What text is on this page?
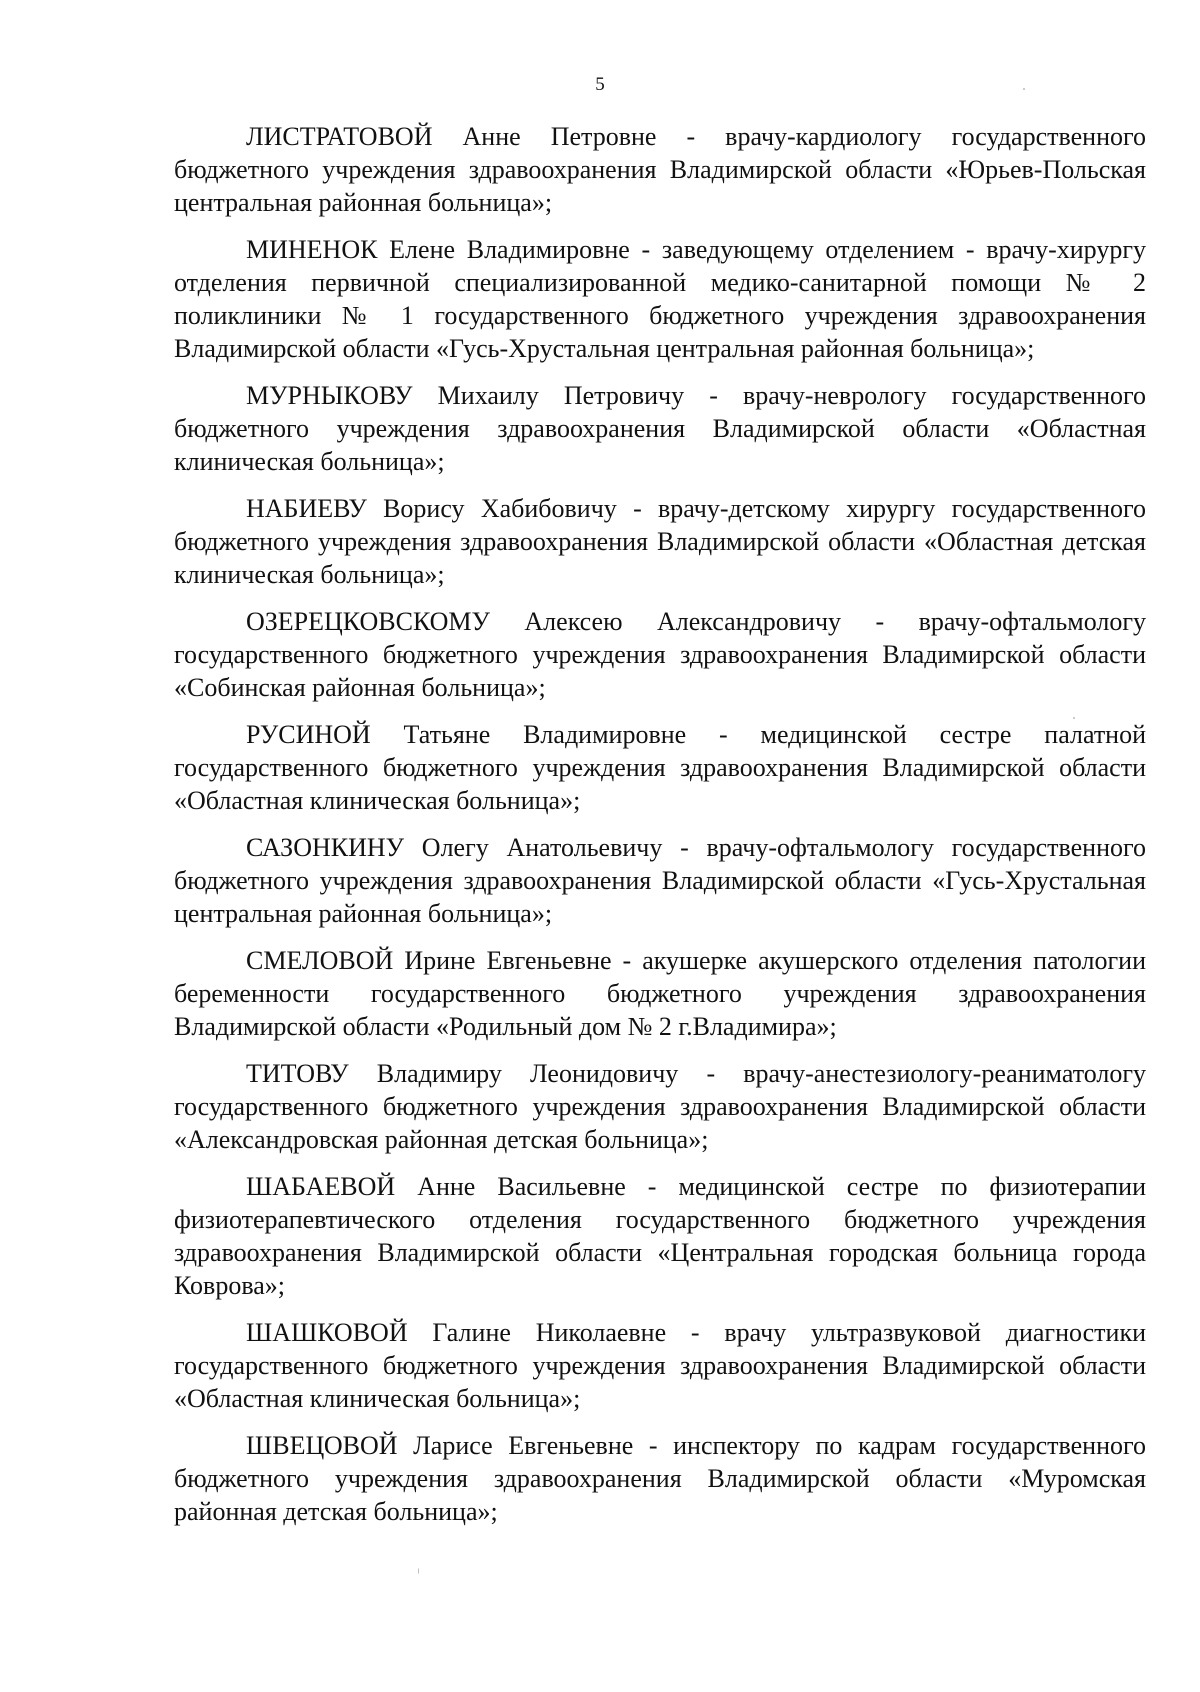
5

ЛИСТРАТОВОЙ Анне Петровне - врачу-кардиологу государственного бюджетного учреждения здравоохранения Владимирской области «Юрьев-Польская центральная районная больница»;

МИНЕНОК Елене Владимировне - заведующему отделением - врачу-хирургу отделения первичной специализированной медико-санитарной помощи № 2 поликлиники № 1 государственного бюджетного учреждения здравоохранения Владимирской области «Гусь-Хрустальная центральная районная больница»;

МУРНЫКОВУ Михаилу Петровичу - врачу-неврологу государственного бюджетного учреждения здравоохранения Владимирской области «Областная клиническая больница»;

НАБИЕВУ Ворису Хабибовичу - врачу-детскому хирургу государственного бюджетного учреждения здравоохранения Владимирской области «Областная детская клиническая больница»;

ОЗЕРЕЦКОВСКОМУ Алексею Александровичу - врачу-офтальмологу государственного бюджетного учреждения здравоохранения Владимирской области «Собинская районная больница»;

РУСИНОЙ Татьяне Владимировне - медицинской сестре палатной государственного бюджетного учреждения здравоохранения Владимирской области «Областная клиническая больница»;

САЗОНКИНУ Олегу Анатольевичу - врачу-офтальмологу государственного бюджетного учреждения здравоохранения Владимирской области «Гусь-Хрустальная центральная районная больница»;

СМЕЛОВОЙ Ирине Евгеньевне - акушерке акушерского отделения патологии беременности государственного бюджетного учреждения здравоохранения Владимирской области «Родильный дом № 2 г.Владимира»;

ТИТОВУ Владимиру Леонидовичу - врачу-анестезиологу-реаниматологу государственного бюджетного учреждения здравоохранения Владимирской области «Александровская районная детская больница»;

ШАБАЕВОЙ Анне Васильевне - медицинской сестре по физиотерапии физиотерапевтического отделения государственного бюджетного учреждения здравоохранения Владимирской области «Центральная городская больница города Коврова»;

ШАШКОВОЙ Галине Николаевне - врачу ультразвуковой диагностики государственного бюджетного учреждения здравоохранения Владимирской области «Областная клиническая больница»;

ШВЕЦОВОЙ Ларисе Евгеньевне - инспектору по кадрам государственного бюджетного учреждения здравоохранения Владимирской области «Муромская районная детская больница»;
